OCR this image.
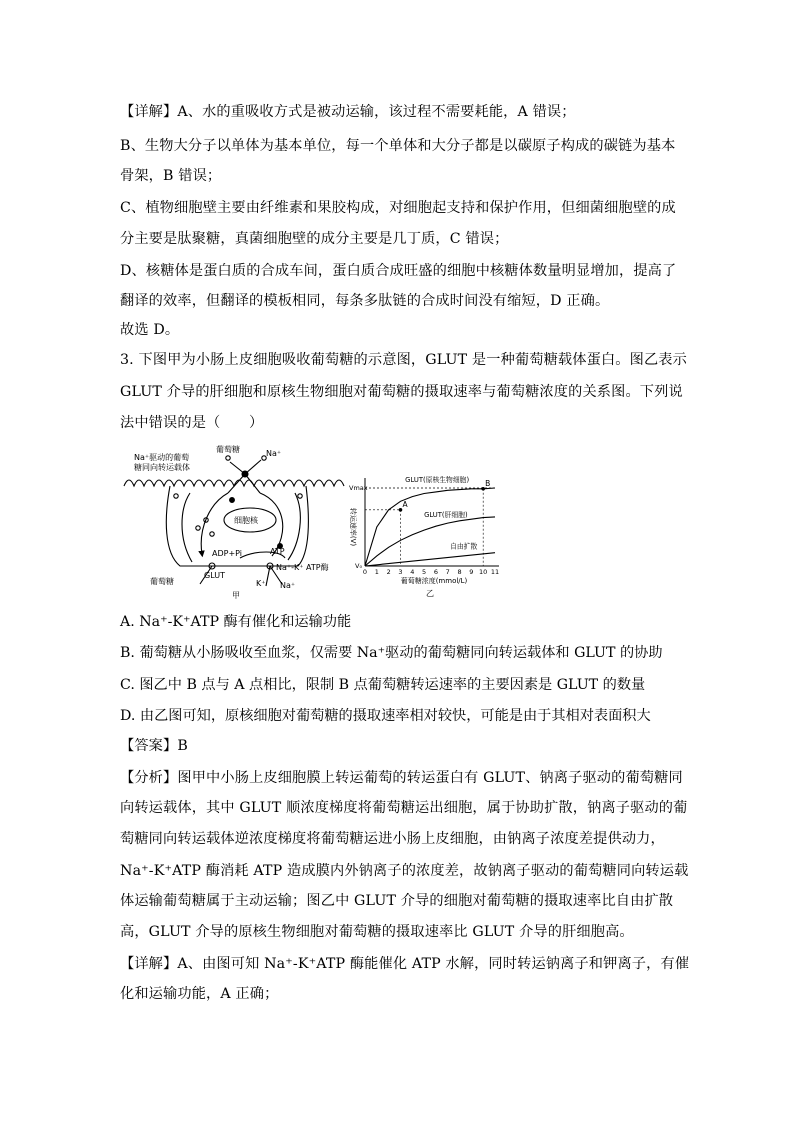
【详解】A、水的重吸收方式是被动运输，该过程不需要耗能，A 错误；
B、生物大分子以单体为基本单位，每一个单体和大分子都是以碳原子构成的碳链为基本
骨架，B 错误；
C、植物细胞壁主要由纤维素和果胶构成，对细胞起支持和保护作用，但细菌细胞壁的成
分主要是肽聚糖，真菌细胞壁的成分主要是几丁质，C 错误；
D、核糖体是蛋白质的合成车间，蛋白质合成旺盛的细胞中核糖体数量明显增加，提高了
翻译的效率，但翻译的模板相同，每条多肽链的合成时间没有缩短，D 正确。
故选 D。
3. 下图甲为小肠上皮细胞吸收葡萄糖的示意图，GLUT 是一种葡萄糖载体蛋白。图乙表示
GLUT 介导的肝细胞和原核生物细胞对葡萄糖的摄取速率与葡萄糖浓度的关系图。下列说
法中错误的是（　　）
葡萄糖	Na⁺
Na⁺驱动的葡萄
糖同向转运载体
细胞核
ADP+Pi	ATP
Na⁺-K⁺ ATP酶
GLUT
葡萄糖	K⁺ Na⁺
甲
Vmax
V₀
0 1 2 3 4 5 6 7 8 9 10 11
转运速率(V)
葡萄糖浓度(mmol/L)
乙
GLUT(原核生物细胞)
GLUT(肝细胞)
自由扩散
A
B
A. Na⁺-K⁺ATP 酶有催化和运输功能
B. 葡萄糖从小肠吸收至血浆，仅需要 Na⁺驱动的葡萄糖同向转运载体和 GLUT 的协助
C. 图乙中 B 点与 A 点相比，限制 B 点葡萄糖转运速率的主要因素是 GLUT 的数量
D. 由乙图可知，原核细胞对葡萄糖的摄取速率相对较快，可能是由于其相对表面积大
【答案】B
【分析】图甲中小肠上皮细胞膜上转运葡萄的转运蛋白有 GLUT、钠离子驱动的葡萄糖同
向转运载体，其中 GLUT 顺浓度梯度将葡萄糖运出细胞，属于协助扩散，钠离子驱动的葡
萄糖同向转运载体逆浓度梯度将葡萄糖运进小肠上皮细胞，由钠离子浓度差提供动力，
Na⁺-K⁺ATP 酶消耗 ATP 造成膜内外钠离子的浓度差，故钠离子驱动的葡萄糖同向转运载
体运输葡萄糖属于主动运输；图乙中 GLUT 介导的细胞对葡萄糖的摄取速率比自由扩散
高，GLUT 介导的原核生物细胞对葡萄糖的摄取速率比 GLUT 介导的肝细胞高。
【详解】A、由图可知 Na⁺-K⁺ATP 酶能催化 ATP 水解，同时转运钠离子和钾离子，有催
化和运输功能，A 正确；
